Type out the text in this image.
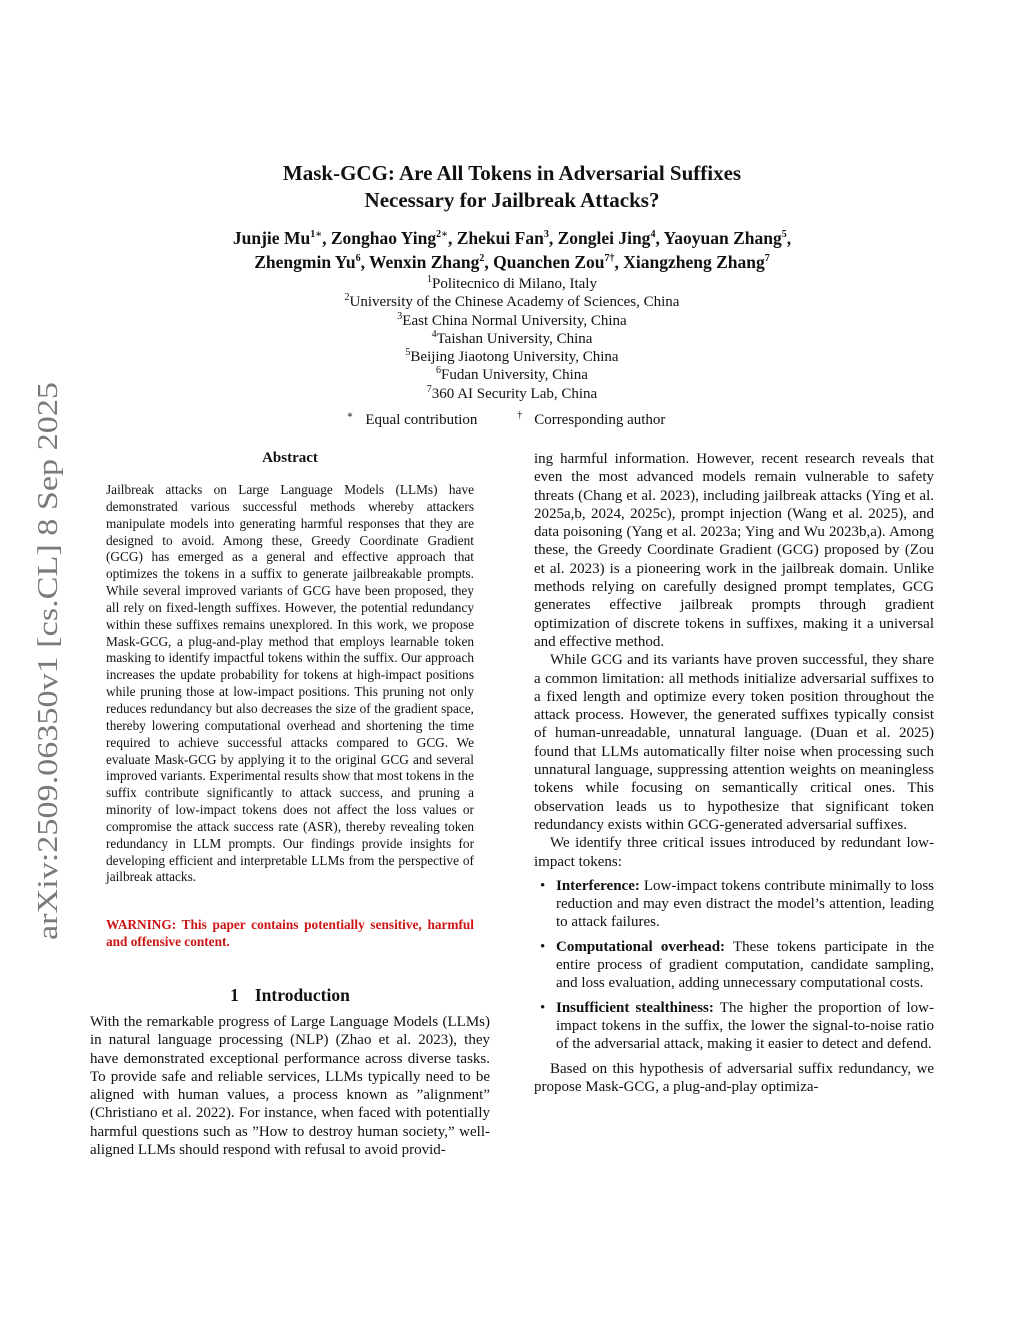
arXiv:2509.06350v1 [cs.CL] 8 Sep 2025
Mask-GCG: Are All Tokens in Adversarial Suffixes
Necessary for Jailbreak Attacks?
Junjie $Mu^{1∗}$, Zonghao Ying$^{2∗}$, Zhekui Fan$^3$, Zonglei Jing$^4$, Yaoyuan Zhang$^5$,
Zhengmin Yu$^6$, Wenxin Zhang$^2$, Quanchen Zou$^{7\dagger}$, Xiangzheng Zhang$^7$
$^1$Politecnico di Milano, Italy
$^2$University of the Chinese Academy of Sciences, China
$^3$East China Normal University, China
$^4$Taishan University, China
$^5$Beijing Jiaotong University, China
$^6$Fudan University, China
$^7$360 AI Security Lab, China
∗ Equal contribution	† Corresponding author
Abstract
Jailbreak attacks on Large Language Models (LLMs) have demonstrated various successful methods whereby attackers manipulate models into generating harmful responses that they are designed to avoid. Among these, Greedy Coordinate Gradient (GCG) has emerged as a general and effective approach that optimizes the tokens in a suffix to generate jailbreakable prompts. While several improved variants of GCG have been proposed, they all rely on fixed-length suffixes. However, the potential redundancy within these suffixes remains unexplored. In this work, we propose Mask-GCG, a plug-and-play method that employs learnable token masking to identify impactful tokens within the suffix. Our approach increases the update probability for tokens at high-impact positions while pruning those at low-impact positions. This pruning not only reduces redundancy but also decreases the size of the gradient space, thereby lowering computational overhead and shortening the time required to achieve successful attacks compared to GCG. We evaluate Mask-GCG by applying it to the original GCG and several improved variants. Experimental results show that most tokens in the suffix contribute significantly to attack success, and pruning a minority of low-impact tokens does not affect the loss values or compromise the attack success rate (ASR), thereby revealing token redundancy in LLM prompts. Our findings provide insights for developing efficient and interpretable LLMs from the perspective of jailbreak attacks.
WARNING: This paper contains potentially sensitive, harmful and offensive content.
1 Introduction

With the remarkable progress of Large Language Models (LLMs) in natural language processing (NLP) (Zhao et al. 2023), they have demonstrated exceptional performance across diverse tasks. To provide safe and reliable services, LLMs typically need to be aligned with human values, a process known as ”alignment” (Christiano et al. 2022). For instance, when faced with potentially harmful questions such as ”How to destroy human society,” well-aligned LLMs should respond with refusal to avoid provid-

ing harmful information. However, recent research reveals that even the most advanced models remain vulnerable to safety threats (Chang et al. 2023), including jailbreak attacks (Ying et al. 2025a,b, 2024, 2025c), prompt injection (Wang et al. 2025), and data poisoning (Yang et al. 2023a; Ying and Wu 2023b,a). Among these, the Greedy Coordinate Gradient (GCG) proposed by (Zou et al. 2023) is a pioneering work in the jailbreak domain. Unlike methods relying on carefully designed prompt templates, GCG generates effective jailbreak prompts through gradient optimization of discrete tokens in suffixes, making it a universal and effective method.

While GCG and its variants have proven successful, they share a common limitation: all methods initialize adversarial suffixes to a fixed length and optimize every token position throughout the attack process. However, the generated suffixes typically consist of human-unreadable, unnatural language. (Duan et al. 2025) found that LLMs automatically filter noise when processing such unnatural language, suppressing attention weights on meaningless tokens while focusing on semantically critical ones. This observation leads us to hypothesize that significant token redundancy exists within GCG-generated adversarial suffixes.

We identify three critical issues introduced by redundant low-impact tokens:

• Interference: Low-impact tokens contribute minimally to loss reduction and may even distract the model’s attention, leading to attack failures.
• Computational overhead: These tokens participate in the entire process of gradient computation, candidate sampling, and loss evaluation, adding unnecessary computational costs.
• Insufficient stealthiness: The higher the proportion of low-impact tokens in the suffix, the lower the signal-to-noise ratio of the adversarial attack, making it easier to detect and defend.

Based on this hypothesis of adversarial suffix redundancy, we propose Mask-GCG, a plug-and-play optimiza-
